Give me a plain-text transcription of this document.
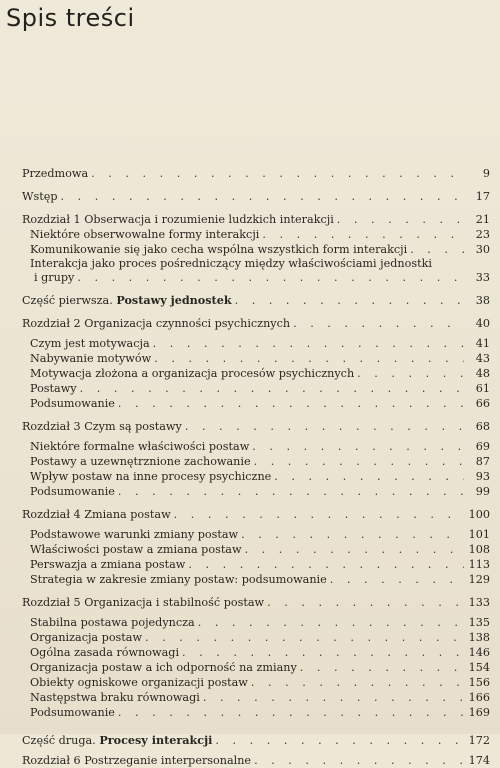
Spis treści
Przedmowa . . .	9
Wstęp . . .	17
Rozdział 1 Obserwacja i rozumienie ludzkich interakcji . . .	21
Niektóre obserwowalne formy interakcji . . .	23
Komunikowanie się jako cecha wspólna wszystkich form interakcji . . .	30
Interakcja jako proces pośredniczący między właściwościami jednostki
i grupy . . .	33
Część pierwsza. Postawy jednostek . . .	38
Rozdział 2 Organizacja czynności psychicznych . . .	40
Czym jest motywacja . . .	41
Nabywanie motywów . . .	43
Motywacja złożona a organizacja procesów psychicznych . . .	48
Postawy . . .	61
Podsumowanie . . .	66
Rozdział 3 Czym są postawy . . .	68
Niektóre formalne właściwości postaw . . .	69
Postawy a uzewnętrznione zachowanie . . .	87
Wpływ postaw na inne procesy psychiczne . . .	93
Podsumowanie . . .	99
Rozdział 4 Zmiana postaw . . .	100
Podstawowe warunki zmiany postaw . . .	101
Właściwości postaw a zmiana postaw . . .	108
Perswazja a zmiana postaw . . .	113
Strategia w zakresie zmiany postaw: podsumowanie . . .	129
Rozdział 5 Organizacja i stabilność postaw . . .	133
Stabilna postawa pojedyncza . . .	135
Organizacja postaw . . .	138
Ogólna zasada równowagi . . .	146
Organizacja postaw a ich odporność na zmiany . . .	154
Obiekty ogniskowe organizacji postaw . . .	156
Następstwa braku równowagi . . .	166
Podsumowanie . . .	169
Część druga. Procesy interakcji . . .	172
Rozdział 6 Postrzeganie interpersonalne . . .	174
